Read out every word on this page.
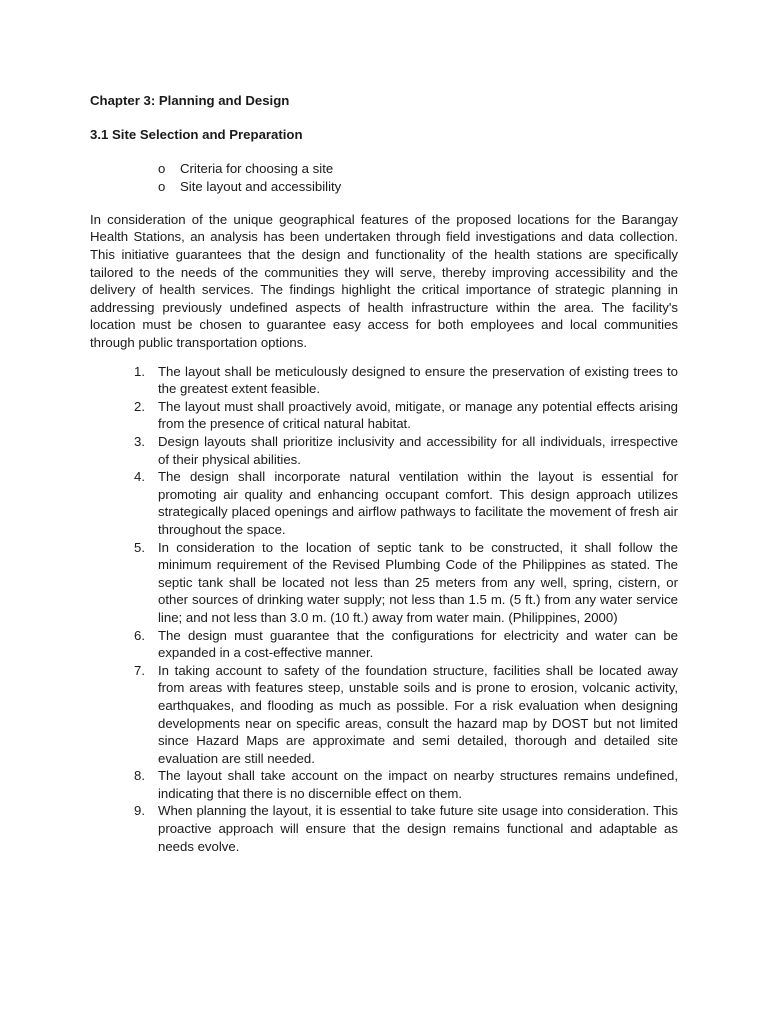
Chapter 3: Planning and Design
3.1 Site Selection and Preparation
o Criteria for choosing a site
o Site layout and accessibility

In consideration of the unique geographical features of the proposed locations for the Barangay Health Stations, an analysis has been undertaken through field investigations and data collection. This initiative guarantees that the design and functionality of the health stations are specifically tailored to the needs of the communities they will serve, thereby improving accessibility and the delivery of health services. The findings highlight the critical importance of strategic planning in addressing previously undefined aspects of health infrastructure within the area. The facility's location must be chosen to guarantee easy access for both employees and local communities through public transportation options.

1. The layout shall be meticulously designed to ensure the preservation of existing trees to the greatest extent feasible.
2. The layout must shall proactively avoid, mitigate, or manage any potential effects arising from the presence of critical natural habitat.
3. Design layouts shall prioritize inclusivity and accessibility for all individuals, irrespective of their physical abilities.
4. The design shall incorporate natural ventilation within the layout is essential for promoting air quality and enhancing occupant comfort. This design approach utilizes strategically placed openings and airflow pathways to facilitate the movement of fresh air throughout the space.
5. In consideration to the location of septic tank to be constructed, it shall follow the minimum requirement of the Revised Plumbing Code of the Philippines as stated. The septic tank shall be located not less than 25 meters from any well, spring, cistern, or other sources of drinking water supply; not less than 1.5 m. (5 ft.) from any water service line; and not less than 3.0 m. (10 ft.) away from water main. (Philippines, 2000)
6. The design must guarantee that the configurations for electricity and water can be expanded in a cost-effective manner.
7. In taking account to safety of the foundation structure, facilities shall be located away from areas with features steep, unstable soils and is prone to erosion, volcanic activity, earthquakes, and flooding as much as possible. For a risk evaluation when designing developments near on specific areas, consult the hazard map by DOST but not limited since Hazard Maps are approximate and semi detailed, thorough and detailed site evaluation are still needed.
8. The layout shall take account on the impact on nearby structures remains undefined, indicating that there is no discernible effect on them.
9. When planning the layout, it is essential to take future site usage into consideration. This proactive approach will ensure that the design remains functional and adaptable as needs evolve.
